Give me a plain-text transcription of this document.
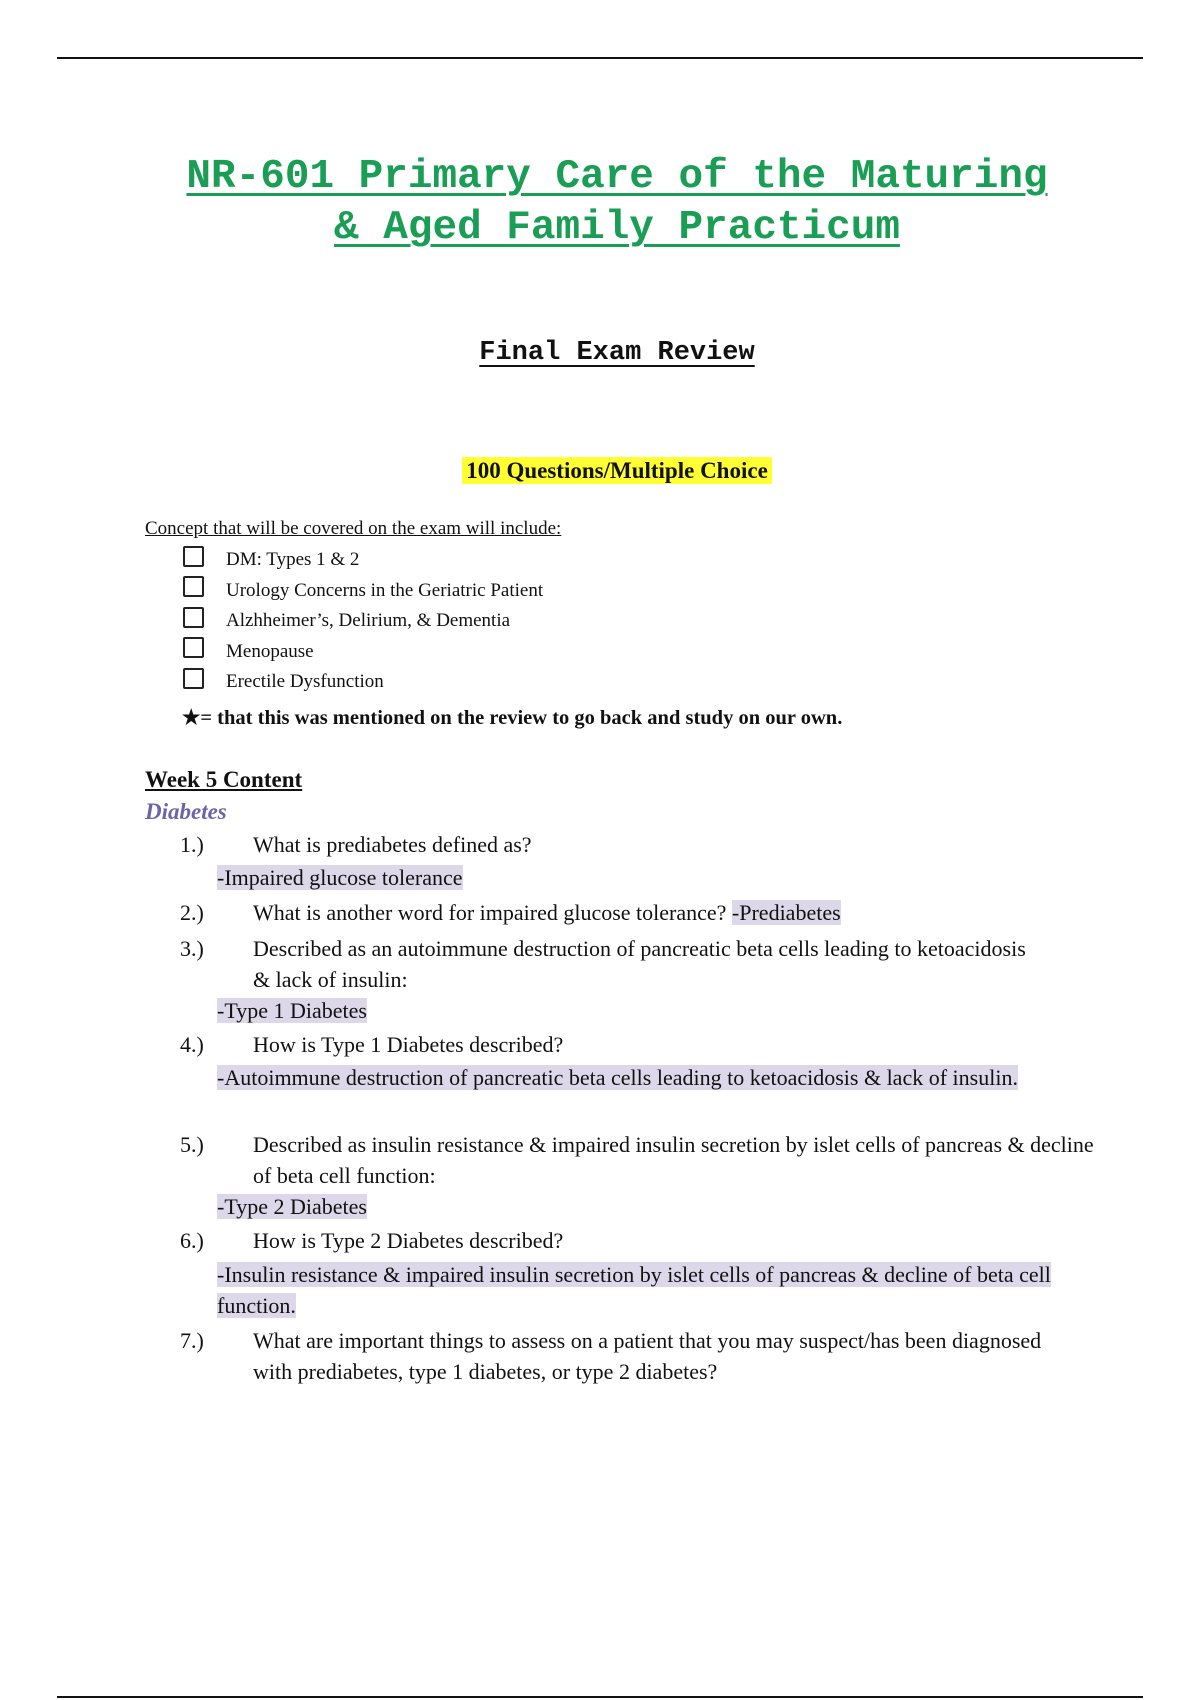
NR-601 Primary Care of the Maturing
& Aged Family Practicum
Final Exam Review
100 Questions/Multiple Choice
Concept that will be covered on the exam will include:
DM: Types 1 & 2
Urology Concerns in the Geriatric Patient
Alzhheimer’s, Delirium, & Dementia
Menopause
Erectile Dysfunction
★= that this was mentioned on the review to go back and study on our own.
Week 5 Content
Diabetes
1.)	What is prediabetes defined as?
-Impaired glucose tolerance
2.)	What is another word for impaired glucose tolerance? -Prediabetes
3.)	Described as an autoimmune destruction of pancreatic beta cells leading to ketoacidosis & lack of insulin:
-Type 1 Diabetes
4.)	How is Type 1 Diabetes described?
-Autoimmune destruction of pancreatic beta cells leading to ketoacidosis & lack of insulin.
5.)	Described as insulin resistance & impaired insulin secretion by islet cells of pancreas & decline of beta cell function:
-Type 2 Diabetes
6.)	How is Type 2 Diabetes described?
-Insulin resistance & impaired insulin secretion by islet cells of pancreas & decline of beta cell function.
7.)	What are important things to assess on a patient that you may suspect/has been diagnosed with prediabetes, type 1 diabetes, or type 2 diabetes?
